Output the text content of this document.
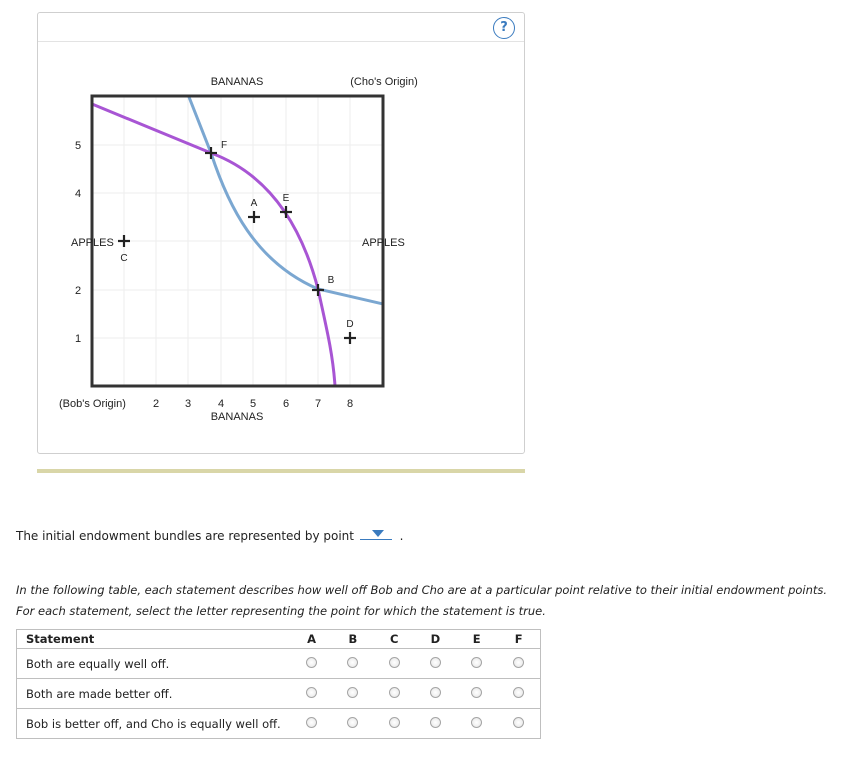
?
BANANAS	(Cho's Origin)
APPLES	APPLES
(Bob's Origin)
BANANAS
2 3 4 5 6 7 8
5
4
2
1
A
B
C
D
E
F
The initial endowment bundles are represented by point	.
In the following table, each statement describes how well off Bob and Cho are at a particular point relative to their initial endowment points. For each statement, select the letter representing the point for which the statement is true.
Statement	A	B	C	D	E	F
Both are equally well off.						
Both are made better off.						
Bob is better off, and Cho is equally well off.						
